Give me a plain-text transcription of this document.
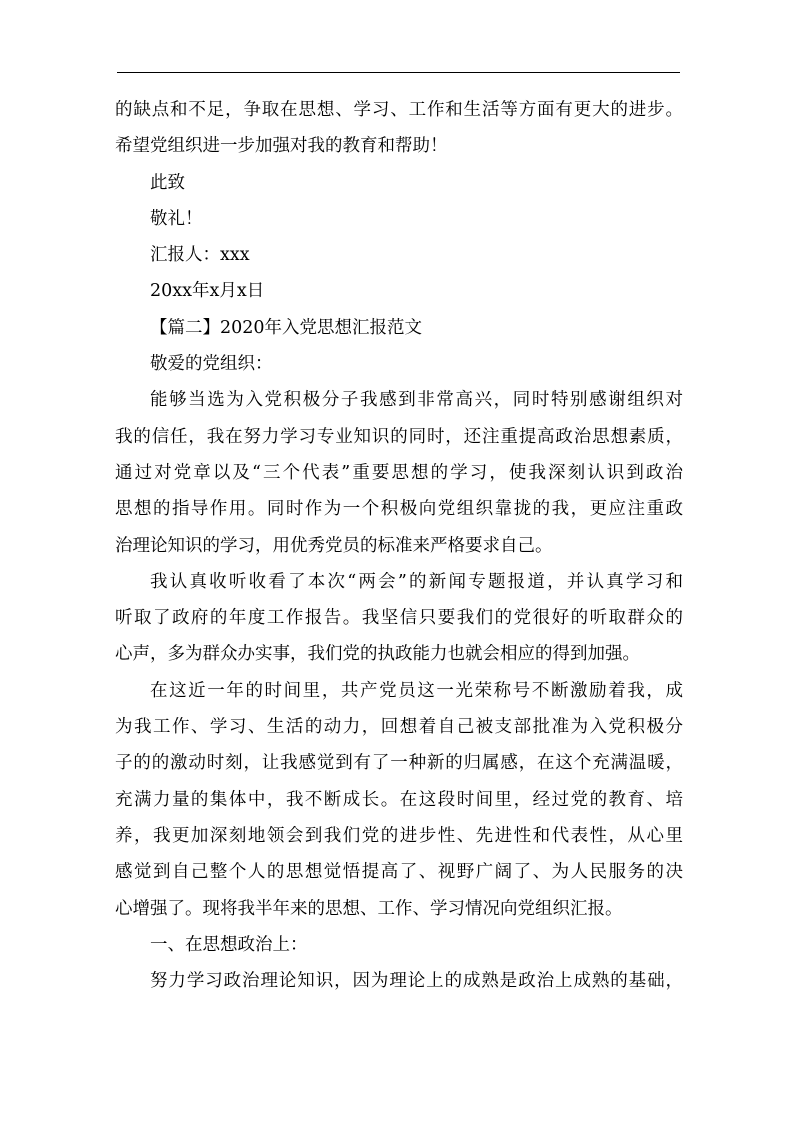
的缺点和不足，争取在思想、学习、工作和生活等方面有更大的进步。
希望党组织进一步加强对我的教育和帮助！
此致
敬礼！
汇报人：xxx
20xx年x月x日
【篇二】2020年入党思想汇报范文
敬爱的党组织：
能够当选为入党积极分子我感到非常高兴，同时特别感谢组织对
我的信任，我在努力学习专业知识的同时，还注重提高政治思想素质，
通过对党章以及“三个代表”重要思想的学习，使我深刻认识到政治
思想的指导作用。同时作为一个积极向党组织靠拢的我，更应注重政
治理论知识的学习，用优秀党员的标准来严格要求自己。
我认真收听收看了本次“两会”的新闻专题报道，并认真学习和
听取了政府的年度工作报告。我坚信只要我们的党很好的听取群众的
心声，多为群众办实事，我们党的执政能力也就会相应的得到加强。
在这近一年的时间里，共产党员这一光荣称号不断激励着我，成
为我工作、学习、生活的动力，回想着自己被支部批准为入党积极分
子的的激动时刻，让我感觉到有了一种新的归属感，在这个充满温暖，
充满力量的集体中，我不断成长。在这段时间里，经过党的教育、培
养，我更加深刻地领会到我们党的进步性、先进性和代表性，从心里
感觉到自己整个人的思想觉悟提高了、视野广阔了、为人民服务的决
心增强了。现将我半年来的思想、工作、学习情况向党组织汇报。
一、在思想政治上：
努力学习政治理论知识，因为理论上的成熟是政治上成熟的基础，
